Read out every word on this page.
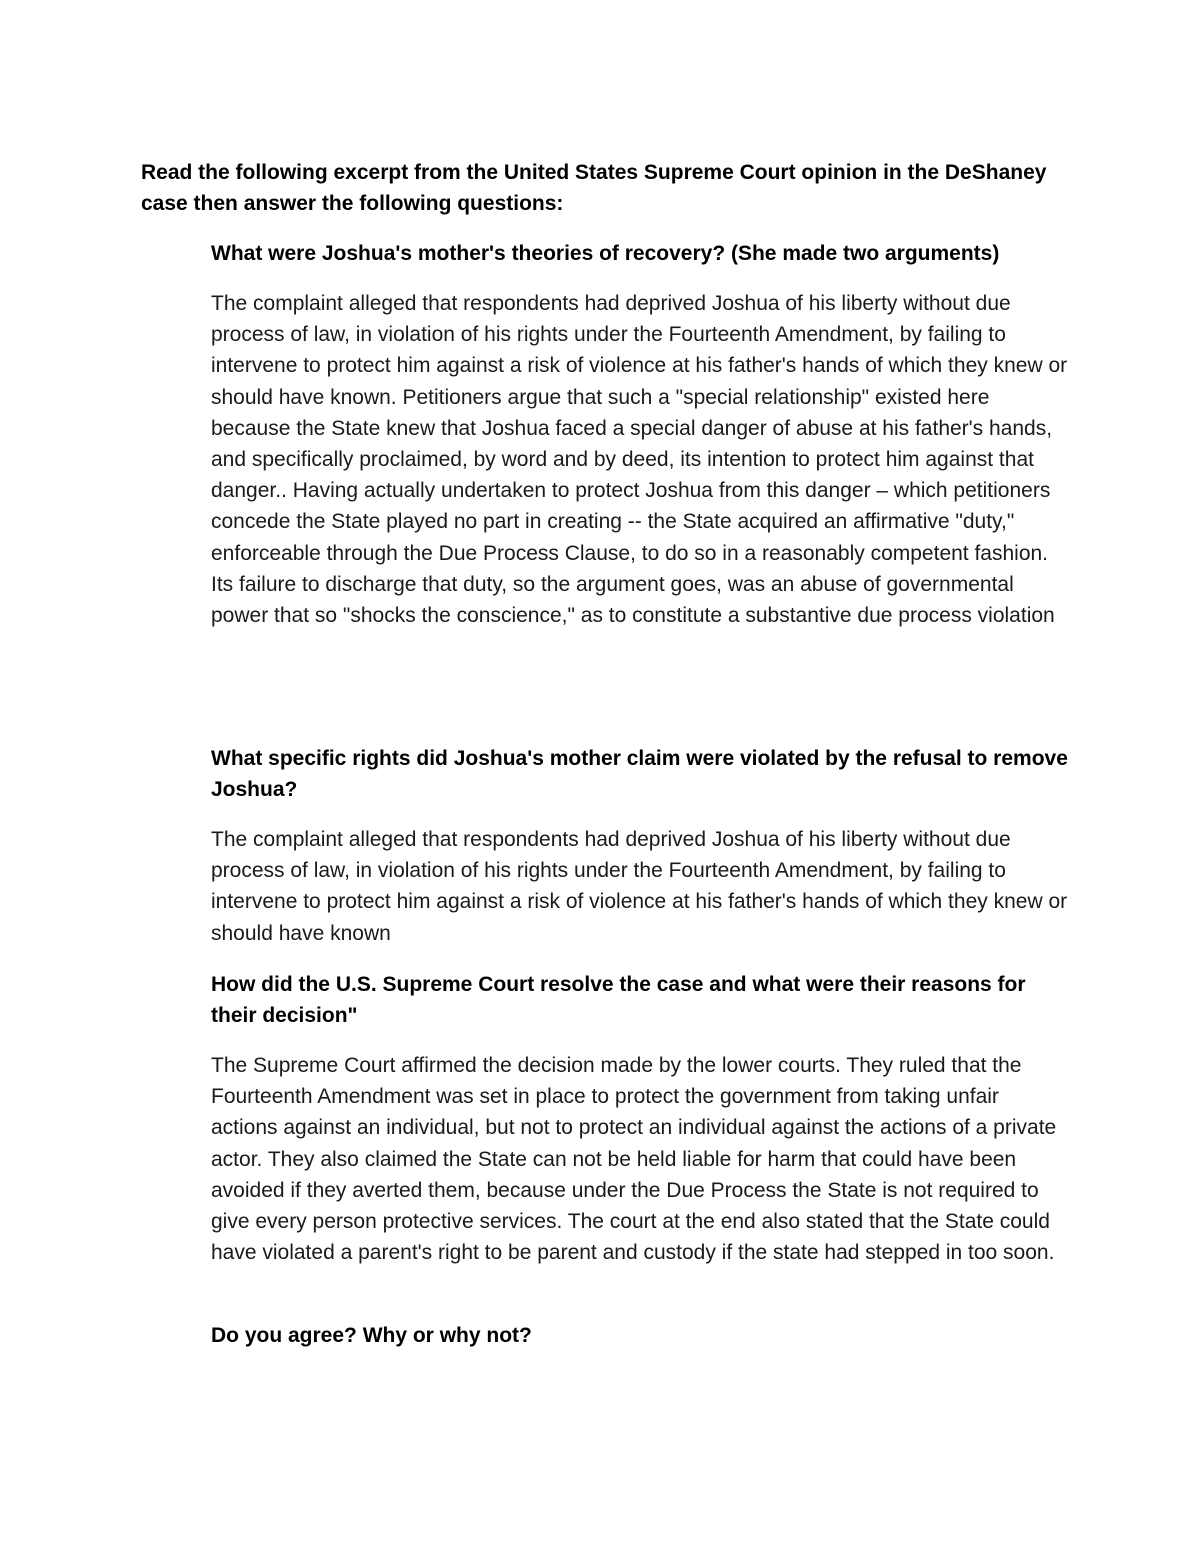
Read the following excerpt from the United States Supreme Court opinion in the DeShaney case then answer the following questions:

What were Joshua's mother's theories of recovery? (She made two arguments)

The complaint alleged that respondents had deprived Joshua of his liberty without due process of law, in violation of his rights under the Fourteenth Amendment, by failing to intervene to protect him against a risk of violence at his father's hands of which they knew or should have known. Petitioners argue that such a "special relationship" existed here because the State knew that Joshua faced a special danger of abuse at his father's hands, and specifically proclaimed, by word and by deed, its intention to protect him against that danger.. Having actually undertaken to protect Joshua from this danger – which petitioners concede the State played no part in creating -- the State acquired an affirmative "duty," enforceable through the Due Process Clause, to do so in a reasonably competent fashion. Its failure to discharge that duty, so the argument goes, was an abuse of governmental power that so "shocks the conscience," as to constitute a substantive due process violation

What specific rights did Joshua's mother claim were violated by the refusal to remove Joshua?

The complaint alleged that respondents had deprived Joshua of his liberty without due process of law, in violation of his rights under the Fourteenth Amendment, by failing to intervene to protect him against a risk of violence at his father's hands of which they knew or should have known

How did the U.S. Supreme Court resolve the case and what were their reasons for their decision"

The Supreme Court affirmed the decision made by the lower courts. They ruled that the Fourteenth Amendment was set in place to protect the government from taking unfair actions against an individual, but not to protect an individual against the actions of a private actor. They also claimed the State can not be held liable for harm that could have been avoided if they averted them, because under the Due Process the State is not required to give every person protective services. The court at the end also stated that the State could have violated a parent's right to be parent and custody if the state had stepped in too soon.

Do you agree? Why or why not?
